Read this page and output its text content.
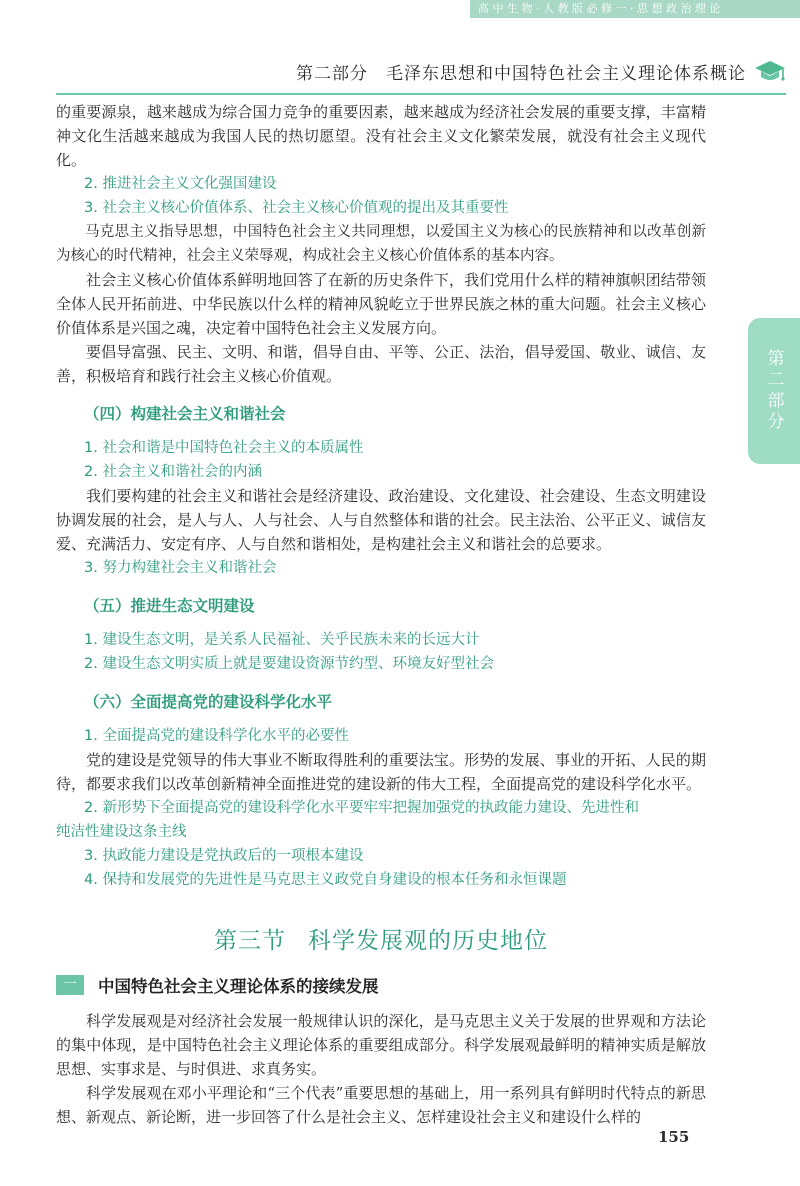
高 中 生 物 · 人 教 版 必 修 一 · 思 想 政 治 理 论
第二部分　毛泽东思想和中国特色社会主义理论体系概论
第二部分

的重要源泉，越来越成为综合国力竞争的重要因素，越来越成为经济社会发展的重要支撑，丰富精神文化生活越来越成为我国人民的热切愿望。没有社会主义文化繁荣发展，就没有社会主义现代化。

2. 推进社会主义文化强国建设
3. 社会主义核心价值体系、社会主义核心价值观的提出及其重要性

马克思主义指导思想，中国特色社会主义共同理想，以爱国主义为核心的民族精神和以改革创新为核心的时代精神，社会主义荣辱观，构成社会主义核心价值体系的基本内容。

社会主义核心价值体系鲜明地回答了在新的历史条件下，我们党用什么样的精神旗帜团结带领全体人民开拓前进、中华民族以什么样的精神风貌屹立于世界民族之林的重大问题。社会主义核心价值体系是兴国之魂，决定着中国特色社会主义发展方向。

要倡导富强、民主、文明、和谐，倡导自由、平等、公正、法治，倡导爱国、敬业、诚信、友善，积极培育和践行社会主义核心价值观。

（四）构建社会主义和谐社会
1. 社会和谐是中国特色社会主义的本质属性
2. 社会主义和谐社会的内涵

我们要构建的社会主义和谐社会是经济建设、政治建设、文化建设、社会建设、生态文明建设协调发展的社会，是人与人、人与社会、人与自然整体和谐的社会。民主法治、公平正义、诚信友爱、充满活力、安定有序、人与自然和谐相处，是构建社会主义和谐社会的总要求。

3. 努力构建社会主义和谐社会
（五）推进生态文明建设
1. 建设生态文明，是关系人民福祉、关乎民族未来的长远大计
2. 建设生态文明实质上就是要建设资源节约型、环境友好型社会
（六）全面提高党的建设科学化水平
1. 全面提高党的建设科学化水平的必要性

党的建设是党领导的伟大事业不断取得胜利的重要法宝。形势的发展、事业的开拓、人民的期待，都要求我们以改革创新精神全面推进党的建设新的伟大工程，全面提高党的建设科学化水平。

2. 新形势下全面提高党的建设科学化水平要牢牢把握加强党的执政能力建设、先进性和
纯洁性建设这条主线
3. 执政能力建设是党执政后的一项根本建设
4. 保持和发展党的先进性是马克思主义政党自身建设的根本任务和永恒课题
第三节 科学发展观的历史地位
一	中国特色社会主义理论体系的接续发展

科学发展观是对经济社会发展一般规律认识的深化，是马克思主义关于发展的世界观和方法论的集中体现，是中国特色社会主义理论体系的重要组成部分。科学发展观最鲜明的精神实质是解放思想、实事求是、与时俱进、求真务实。

科学发展观在邓小平理论和“三个代表”重要思想的基础上，用一系列具有鲜明时代特点的新思想、新观点、新论断，进一步回答了什么是社会主义、怎样建设社会主义和建设什么样的

155
